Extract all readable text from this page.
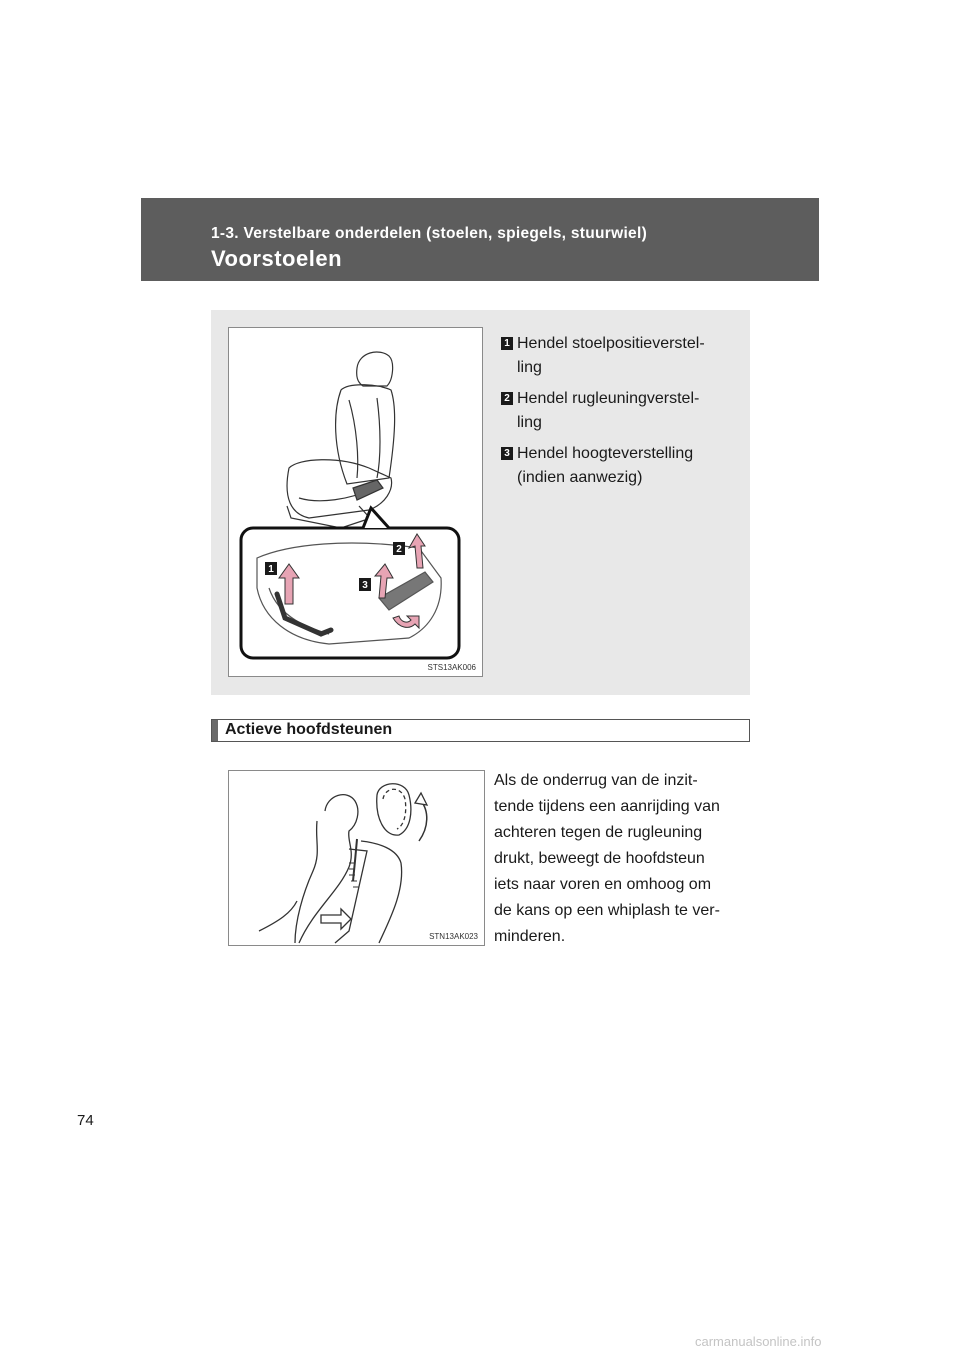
1-3. Verstelbare onderdelen (stoelen, spiegels, stuurwiel)
Voorstoelen
1
2
3
STS13AK006
1 Hendel stoelpositieverstel-
ling
2 Hendel rugleuningverstel-
ling
3 Hendel hoogteverstelling
(indien aanwezig)
Actieve hoofdsteunen
STN13AK023
Als de onderrug van de inzit-
tende tijdens een aanrijding van
achteren tegen de rugleuning
drukt, beweegt de hoofdsteun
iets naar voren en omhoog om
de kans op een whiplash te ver-
minderen.
74
carmanualsonline.info
